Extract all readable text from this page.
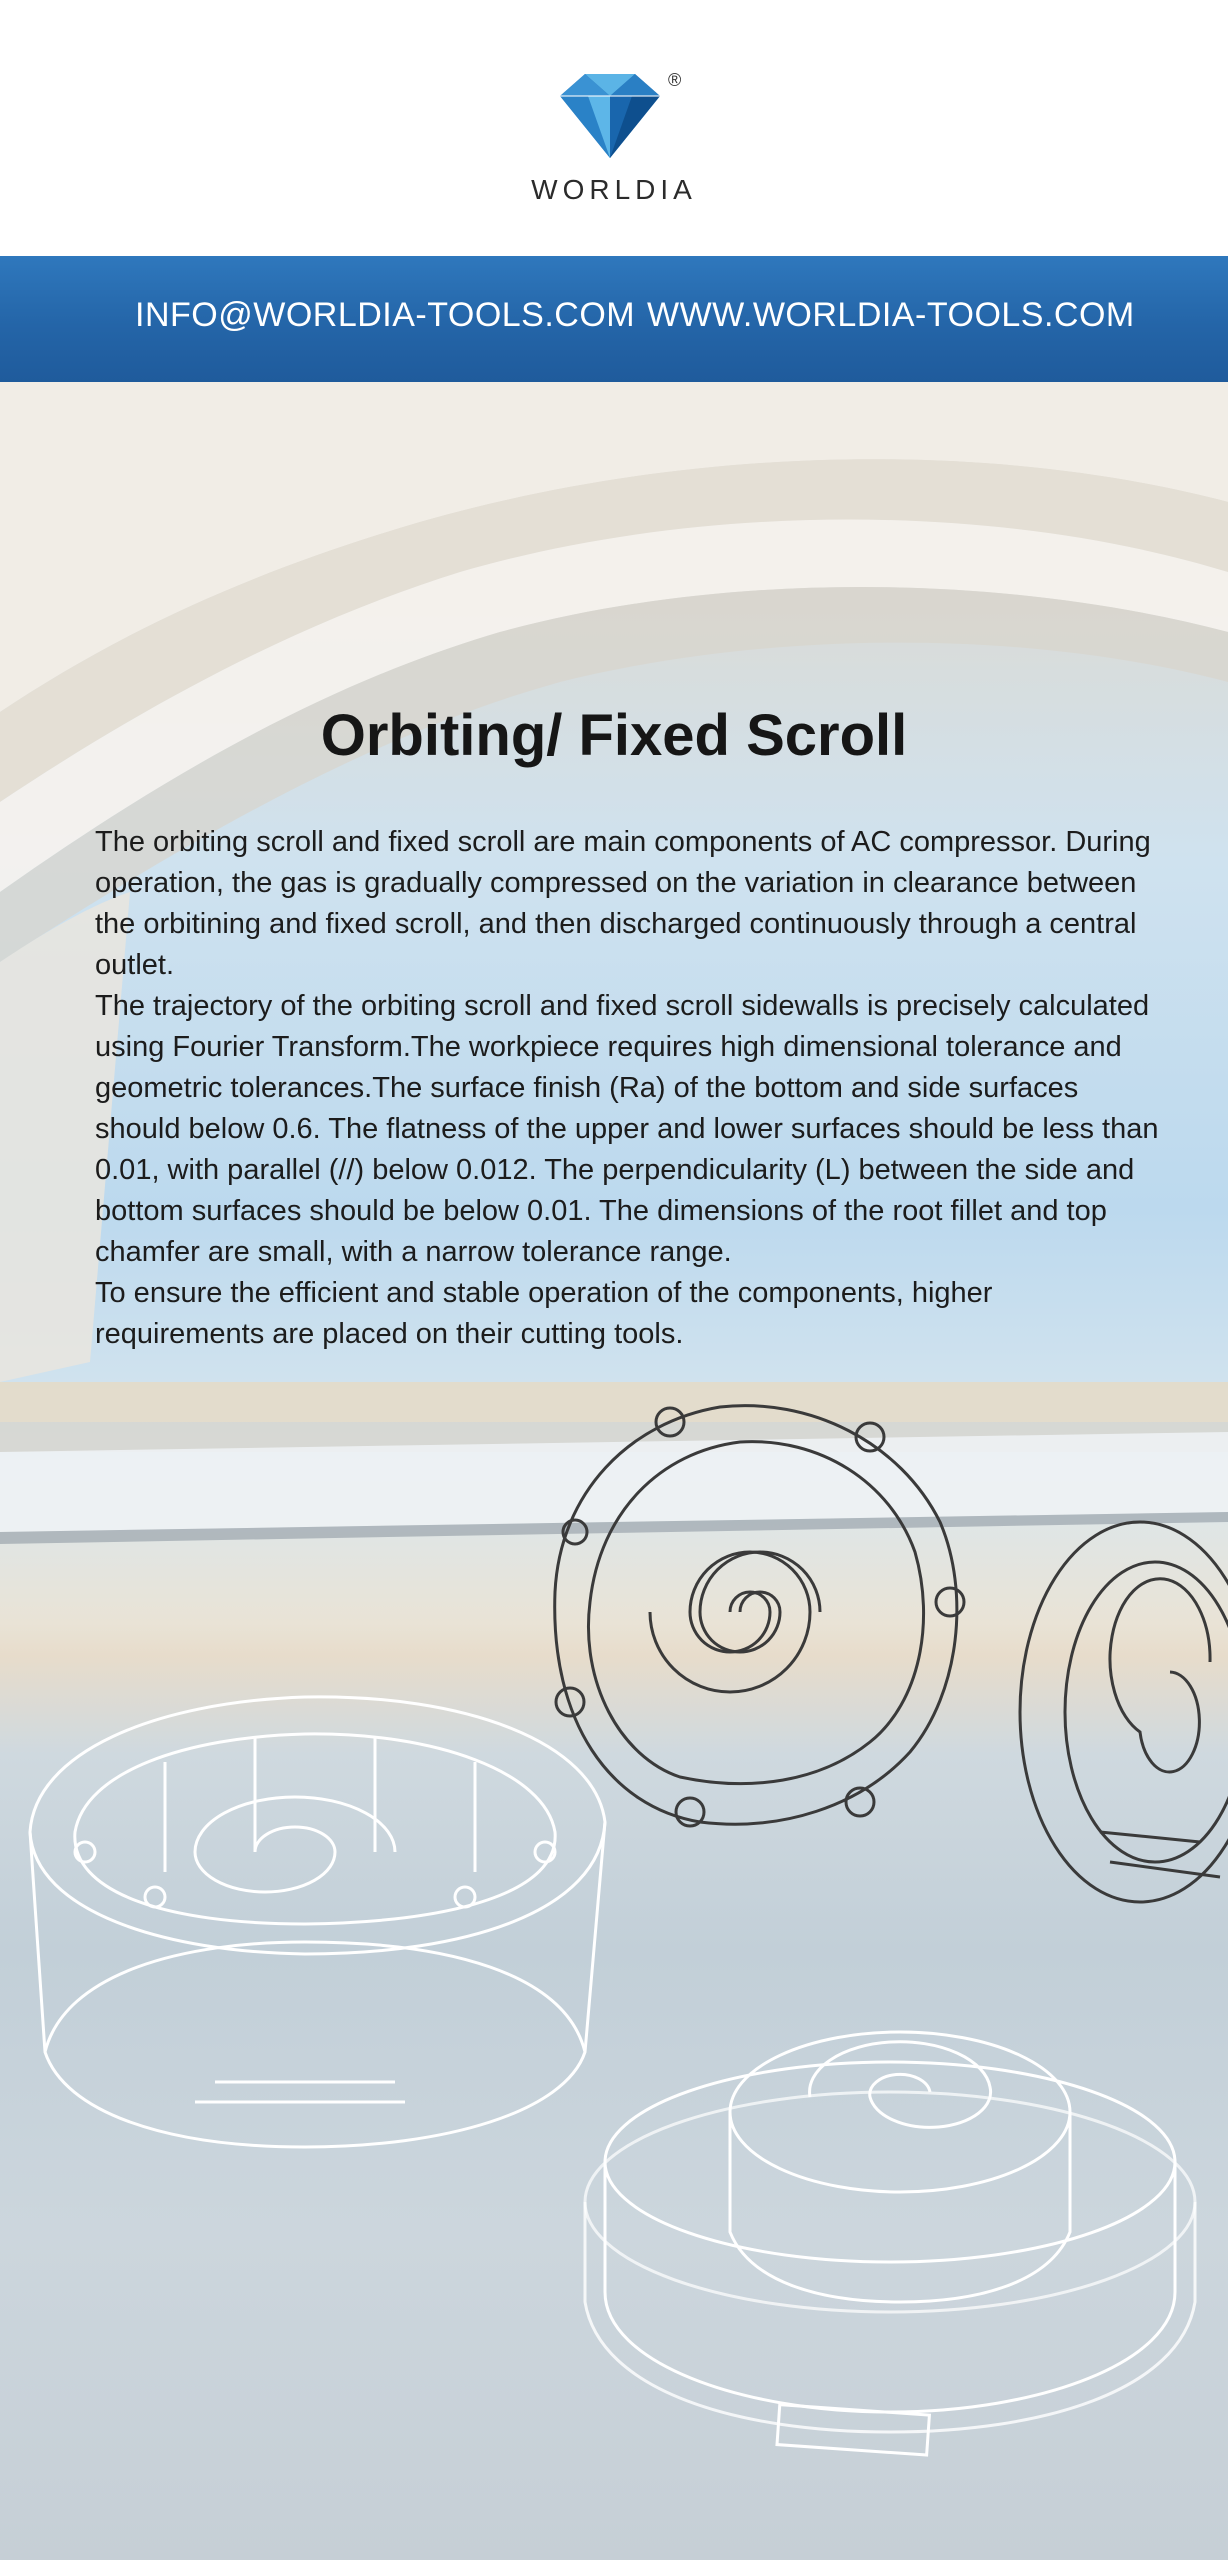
®
WORLDIA
INFO@WORLDIA-TOOLS.COM WWW.WORLDIA-TOOLS.COM
Orbiting/ Fixed Scroll

The orbiting scroll and fixed scroll are main components of AC compressor. During operation, the gas is gradually compressed on the variation in clearance between the orbitining and fixed scroll, and then discharged continuously through a central outlet.

The trajectory of the orbiting scroll and fixed scroll sidewalls is precisely calculated using Fourier Transform.The workpiece requires high dimensional tolerance and geometric tolerances.The surface finish (Ra) of the bottom and side surfaces should below 0.6. The flatness of the upper and lower surfaces should be less than 0.01, with parallel (//) below 0.012. The perpendicularity (L) between the side and bottom surfaces should be below 0.01. The dimensions of the root fillet and top chamfer are small, with a narrow tolerance range.

To ensure the efficient and stable operation of the components, higher requirements are placed on their cutting tools.
